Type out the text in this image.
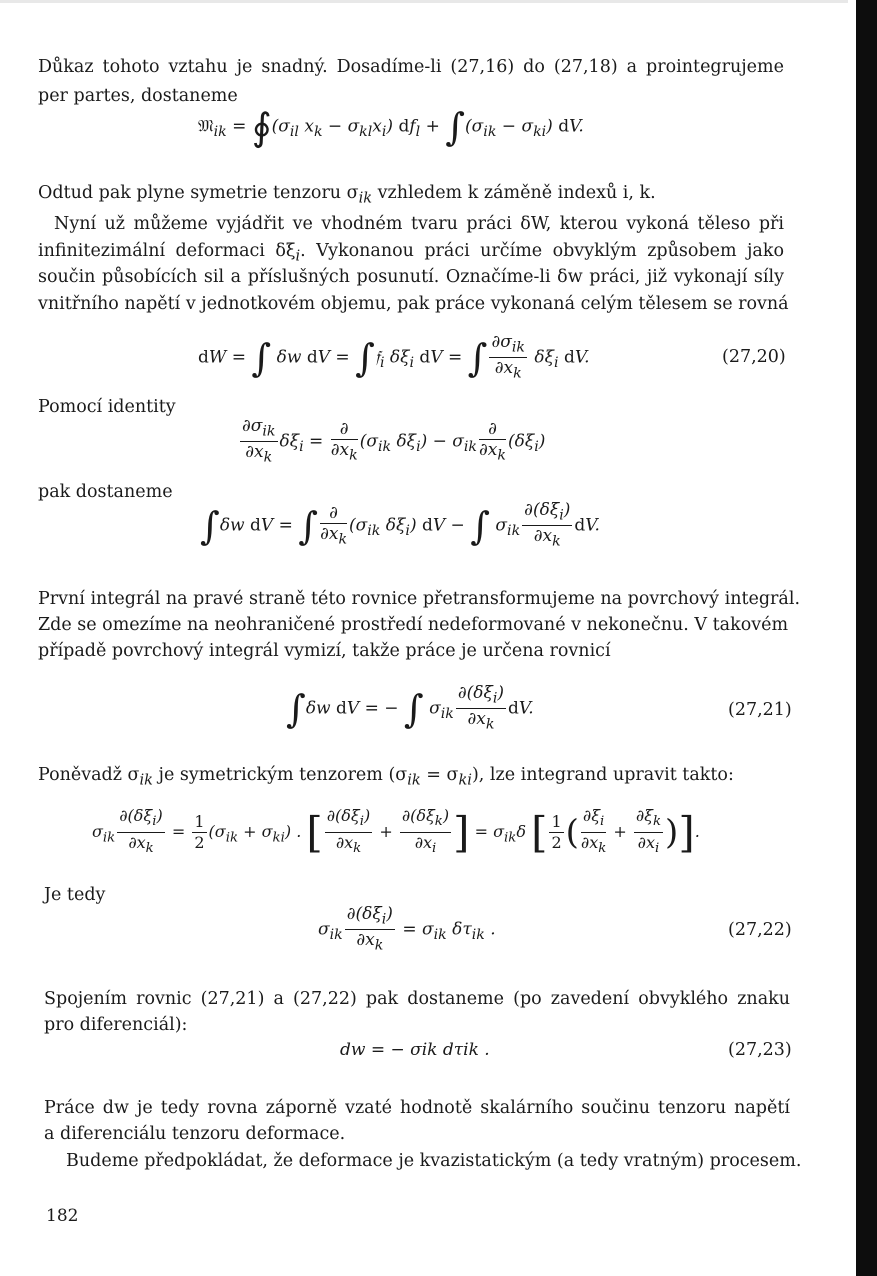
Důkaz tohoto vztahu je snadný. Dosadíme-li (27,16) do (27,18) a prointegrujeme
per partes, dostaneme
𝔐$_{ik}$ = $∮(\sigma_{il}$ $x_k - \sigma_{kl}x_i$) $df_l + \int(\sigma_{ik} - \sigma_{ki})$ dV.
Odtud pak plyne symetrie tenzoru $\sigma_{ik}$ vzhledem k záměně indexů i, k.
Nyní už můžeme vyjádřit ve vhodném tvaru práci δW, kterou vykoná těleso při
infinitezimální deformaci $\delta\xi_i$. Vykonanou práci určíme obvyklým způsobem jako
součin působících sil a příslušných posunutí. Označíme-li δw práci, již vykonají síly
vnitřního napětí v jednotkovém objemu, pak práce vykonaná celým tělesem se rovná
dW = ∫ δw dV = ∫𝔣$_i$ $\delta\xi_i$ dV = ∫ $\frac{\partial\sigma_{ik}}{\partial x_k} \delta\xi_i$ dV.	(27,20)
Pomocí identity
$\frac{\partial\sigma_{ik}}{\partial x_k} \delta\xi_i = \frac{\partial}{\partial x_k} (\sigma_{ik}$ $\delta\xi_i) - \sigma_{ik} \frac{\partial}{\partial x_k} (\delta\xi_i)$
pak dostaneme
∫δw dV = ∫ $\frac{\partial}{\partial x_k} (\sigma_{ik}$ $\delta\xi_i$) dV − ∫ $\sigma_{ik} \frac{\partial(\delta\xi_i)}{\partial x_k}$ dV.
První integrál na pravé straně této rovnice přetransformujeme na povrchový integrál.
Zde se omezíme na neohraničené prostředí nedeformované v nekonečnu. V takovém
případě povrchový integrál vymizí, takže práce je určena rovnicí
∫δw dV = − ∫ $\sigma_{ik} \frac{\partial(\delta\xi_i)}{\partial x_k}$ dV.	(27,21)
Poněvadž $\sigma_{ik}$ je symetrickým tenzorem $(\sigma_{ik} = \sigma_{ki})$, lze integrand upravit takto:
$\sigma_{ik} \frac{\partial(\delta\xi_i)}{\partial x_k} = \frac{1}{2} (\sigma_{ik} + \sigma_{ki})$ . [ $\frac{\partial(\delta\xi_i)}{\partial x_k} + \frac{\partial(\delta\xi_k)}{\partial x_i}$ ] = $\sigma_{ik}\delta$ [ $\frac{1}{2}$ ( $\frac{\partial\xi_i}{\partial x_k} + \frac{\partial\xi_k}{\partial x_i}$ )].
Je tedy
$\sigma_{ik} \frac{\partial(\delta\xi_i)}{\partial x_k} = \sigma_{ik}$ $\delta\tau_{ik}$ .	(27,22)
Spojením rovnic (27,21) a (27,22) pak dostaneme (po zavedení obvyklého znaku
pro diferenciál):
dw = − σik dτik .	(27,23)
Práce dw je tedy rovna záporně vzaté hodnotě skalárního součinu tenzoru napětí
a diferenciálu tenzoru deformace.
Budeme předpokládat, že deformace je kvazistatickým (a tedy vratným) procesem.
182
